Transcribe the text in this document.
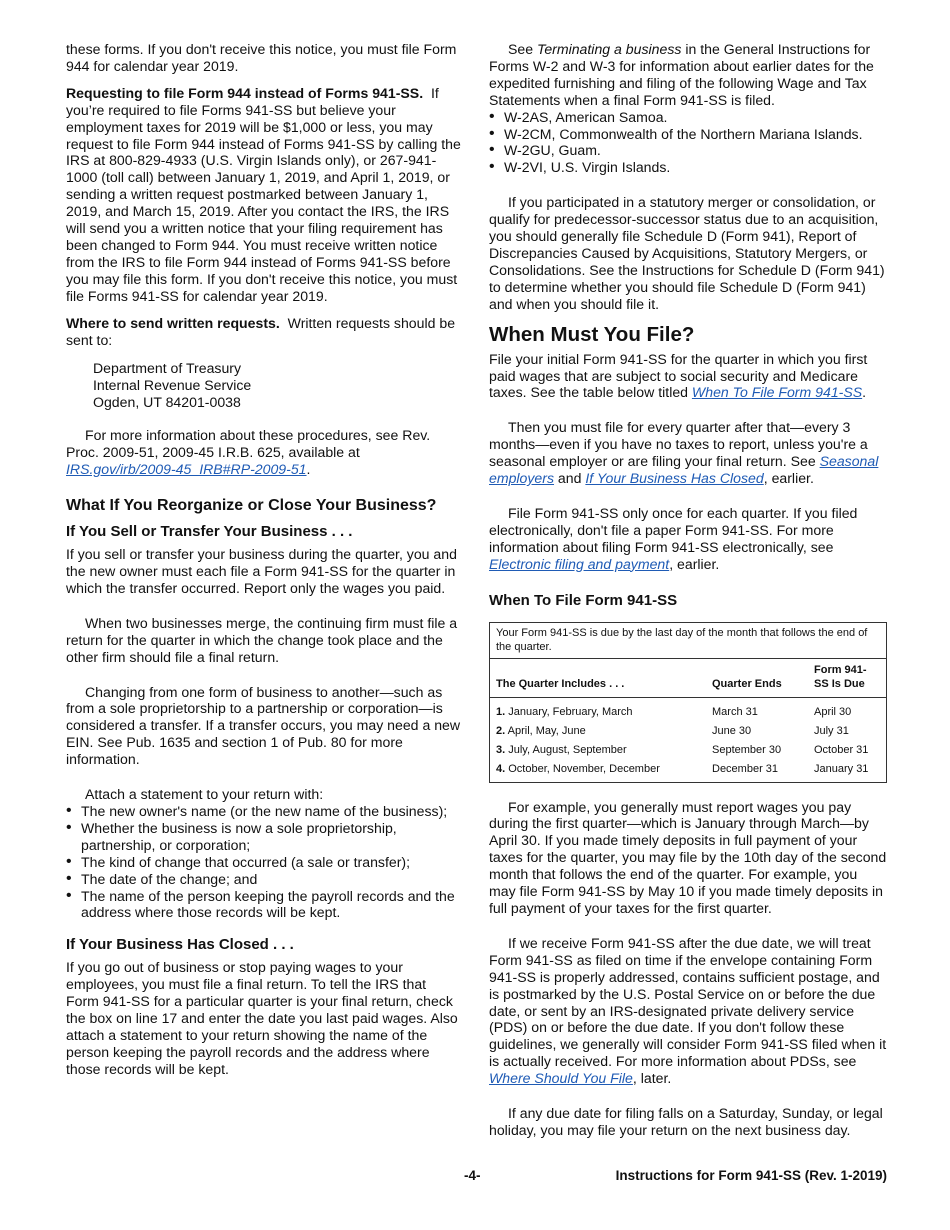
these forms. If you don't receive this notice, you must file Form 944 for calendar year 2019.

Requesting to file Form 944 instead of Forms 941-SS. If you’re required to file Forms 941-SS but believe your employment taxes for 2019 will be $1,000 or less, you may request to file Form 944 instead of Forms 941-SS by calling the IRS at 800-829-4933 (U.S. Virgin Islands only), or 267-941-1000 (toll call) between January 1, 2019, and April 1, 2019, or sending a written request postmarked between January 1, 2019, and March 15, 2019. After you contact the IRS, the IRS will send you a written notice that your filing requirement has been changed to Form 944. You must receive written notice from the IRS to file Form 944 instead of Forms 941-SS before you may file this form. If you don't receive this notice, you must file Forms 941-SS for calendar year 2019.

Where to send written requests. Written requests should be sent to:

Department of Treasury
Internal Revenue Service
Ogden, UT 84201-0038

For more information about these procedures, see Rev. Proc. 2009-51, 2009-45 I.R.B. 625, available at IRS.gov/irb/2009-45_IRB#RP-2009-51.

What If You Reorganize or Close Your Business?
If You Sell or Transfer Your Business . . .

If you sell or transfer your business during the quarter, you and the new owner must each file a Form 941-SS for the quarter in which the transfer occurred. Report only the wages you paid.

When two businesses merge, the continuing firm must file a return for the quarter in which the change took place and the other firm should file a final return.

Changing from one form of business to another—such as from a sole proprietorship to a partnership or corporation—is considered a transfer. If a transfer occurs, you may need a new EIN. See Pub. 1635 and section 1 of Pub. 80 for more information.

Attach a statement to your return with:

• The new owner's name (or the new name of the business);
• Whether the business is now a sole proprietorship, partnership, or corporation;
• The kind of change that occurred (a sale or transfer);
• The date of the change; and
• The name of the person keeping the payroll records and the address where those records will be kept.
If Your Business Has Closed . . .

If you go out of business or stop paying wages to your employees, you must file a final return. To tell the IRS that Form 941-SS for a particular quarter is your final return, check the box on line 17 and enter the date you last paid wages. Also attach a statement to your return showing the name of the person keeping the payroll records and the address where those records will be kept.

See Terminating a business in the General Instructions for Forms W-2 and W-3 for information about earlier dates for the expedited furnishing and filing of the following Wage and Tax Statements when a final Form 941-SS is filed.

• W-2AS, American Samoa.
• W-2CM, Commonwealth of the Northern Mariana Islands.
• W-2GU, Guam.
• W-2VI, U.S. Virgin Islands.

If you participated in a statutory merger or consolidation, or qualify for predecessor-successor status due to an acquisition, you should generally file Schedule D (Form 941), Report of Discrepancies Caused by Acquisitions, Statutory Mergers, or Consolidations. See the Instructions for Schedule D (Form 941) to determine whether you should file Schedule D (Form 941) and when you should file it.

When Must You File?

File your initial Form 941-SS for the quarter in which you first paid wages that are subject to social security and Medicare taxes. See the table below titled When To File Form 941-SS.

Then you must file for every quarter after that—every 3 months—even if you have no taxes to report, unless you're a seasonal employer or are filing your final return. See Seasonal employers and If Your Business Has Closed, earlier.

File Form 941-SS only once for each quarter. If you filed electronically, don't file a paper Form 941-SS. For more information about filing Form 941-SS electronically, see Electronic filing and payment, earlier.

When To File Form 941-SS
Your Form 941-SS is due by the last day of the month that follows the end of the quarter.
The Quarter Includes . . .	Quarter Ends	Form 941-SS Is Due
1. January, February, March	March 31	April 30
2. April, May, June	June 30	July 31
3. July, August, September	September 30	October 31
4. October, November, December	December 31	January 31

For example, you generally must report wages you pay during the first quarter—which is January through March—by April 30. If you made timely deposits in full payment of your taxes for the quarter, you may file by the 10th day of the second month that follows the end of the quarter. For example, you may file Form 941-SS by May 10 if you made timely deposits in full payment of your taxes for the first quarter.

If we receive Form 941-SS after the due date, we will treat Form 941-SS as filed on time if the envelope containing Form 941-SS is properly addressed, contains sufficient postage, and is postmarked by the U.S. Postal Service on or before the due date, or sent by an IRS-designated private delivery service (PDS) on or before the due date. If you don't follow these guidelines, we generally will consider Form 941-SS filed when it is actually received. For more information about PDSs, see Where Should You File, later.

If any due date for filing falls on a Saturday, Sunday, or legal holiday, you may file your return on the next business day.

-4-	Instructions for Form 941-SS (Rev. 1-2019)
